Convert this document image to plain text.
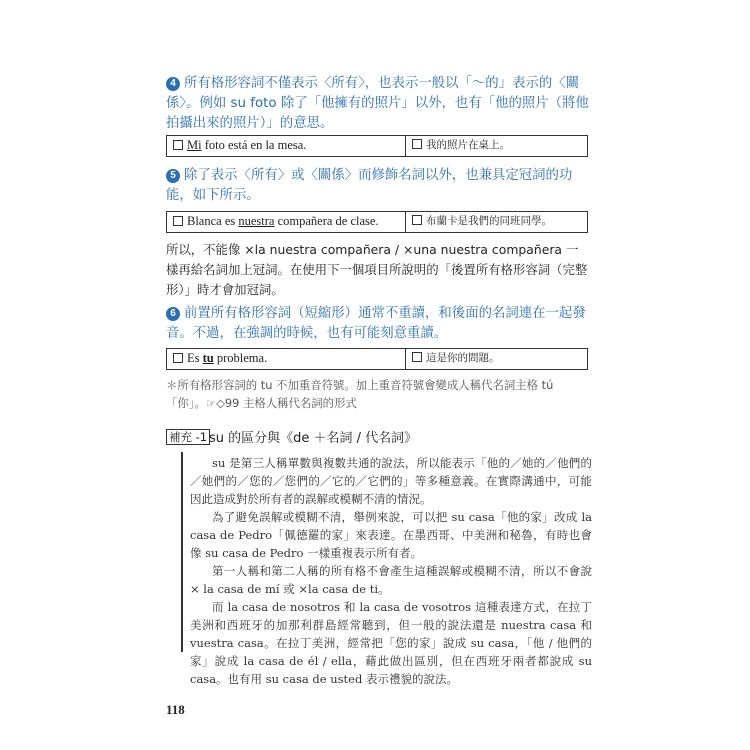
4 所有格形容詞不僅表示〈所有〉，也表示一般以「〜的」表示的〈關係〉。例如 su foto 除了「他擁有的照片」以外，也有「他的照片（將他拍攝出來的照片）」的意思。
Mi foto está en la mesa.	我的照片在桌上。
5 除了表示〈所有〉或〈關係〉而修飾名詞以外，也兼具定冠詞的功能，如下所示。
Blanca es nuestra compañera de clase.	布蘭卡是我們的同班同學。
所以，不能像 ×la nuestra compañera / ×una nuestra compañera 一樣再給名詞加上冠詞。在使用下一個項目所說明的「後置所有格形容詞（完整形）」時才會加冠詞。
6 前置所有格形容詞（短縮形）通常不重讀，和後面的名詞連在一起發音。不過，在強調的時候，也有可能刻意重讀。
Es tu problema.	這是你的問題。
＊所有格形容詞的 tu 不加重音符號。加上重音符號會變成人稱代名詞主格 tú「你」。☞◇99 主格人稱代名詞的形式
補充 -1 su 的區分與《de ＋名詞 / 代名詞》

su 是第三人稱單數與複數共通的說法，所以能表示「他的／她的／他們的／她們的／您的／您們的／它的／它們的」等多種意義。在實際溝通中，可能因此造成對於所有者的誤解或模糊不清的情況。

為了避免誤解或模糊不清，舉例來說，可以把 su casa「他的家」改成 la casa de Pedro「佩德羅的家」來表達。在墨西哥、中美洲和秘魯，有時也會像 su casa de Pedro 一樣重複表示所有者。

第一人稱和第二人稱的所有格不會產生這種誤解或模糊不清，所以不會說 × la casa de mí 或 ×la casa de ti。

而 la casa de nosotros 和 la casa de vosotros 這種表達方式，在拉丁美洲和西班牙的加那利群島經常聽到，但一般的說法還是 nuestra casa 和 vuestra casa。在拉丁美洲，經常把「您的家」說成 su casa，「他 / 他們的家」說成 la casa de él / ella，藉此做出區別，但在西班牙兩者都說成 su casa。也有用 su casa de usted 表示禮貌的說法。

118
